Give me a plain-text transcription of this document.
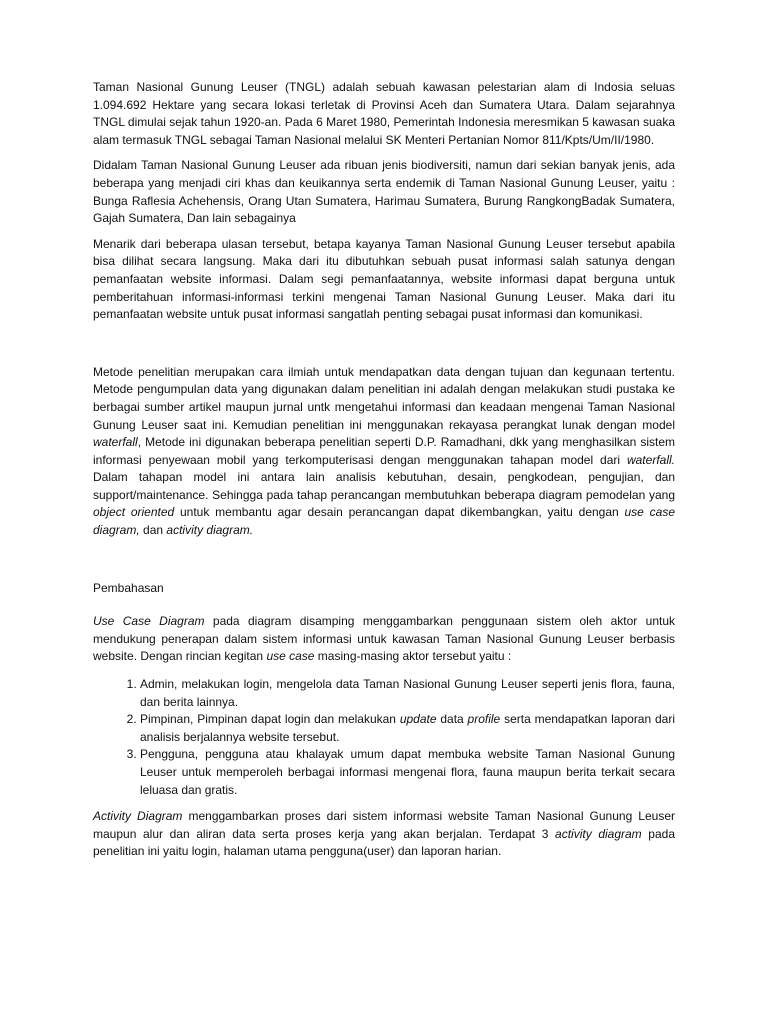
Taman Nasional Gunung Leuser (TNGL) adalah sebuah kawasan pelestarian alam di Indosia seluas 1.094.692 Hektare yang secara lokasi terletak di Provinsi Aceh dan Sumatera Utara. Dalam sejarahnya TNGL dimulai sejak tahun 1920-an. Pada 6 Maret 1980, Pemerintah Indonesia meresmikan 5 kawasan suaka alam termasuk TNGL sebagai Taman Nasional melalui SK Menteri Pertanian Nomor 811/Kpts/Um/II/1980.

Didalam Taman Nasional Gunung Leuser ada ribuan jenis biodiversiti, namun dari sekian banyak jenis, ada beberapa yang menjadi ciri khas dan keuikannya serta endemik di Taman Nasional Gunung Leuser, yaitu : Bunga Raflesia Achehensis, Orang Utan Sumatera, Harimau Sumatera, Burung RangkongBadak Sumatera, Gajah Sumatera, Dan lain sebagainya

Menarik dari beberapa ulasan tersebut, betapa kayanya Taman Nasional Gunung Leuser tersebut apabila bisa dilihat secara langsung. Maka dari itu dibutuhkan sebuah pusat informasi salah satunya dengan pemanfaatan website informasi. Dalam segi pemanfaatannya, website informasi dapat berguna untuk pemberitahuan informasi-informasi terkini mengenai Taman Nasional Gunung Leuser. Maka dari itu pemanfaatan website untuk pusat informasi sangatlah penting sebagai pusat informasi dan komunikasi.

Metode penelitian merupakan cara ilmiah untuk mendapatkan data dengan tujuan dan kegunaan tertentu. Metode pengumpulan data yang digunakan dalam penelitian ini adalah dengan melakukan studi pustaka ke berbagai sumber artikel maupun jurnal untk mengetahui informasi dan keadaan mengenai Taman Nasional Gunung Leuser saat ini. Kemudian penelitian ini menggunakan rekayasa perangkat lunak dengan model waterfall, Metode ini digunakan beberapa penelitian seperti D.P. Ramadhani, dkk yang menghasilkan sistem informasi penyewaan mobil yang terkomputerisasi dengan menggunakan tahapan model dari waterfall. Dalam tahapan model ini antara lain analisis kebutuhan, desain, pengkodean, pengujian, dan support/maintenance. Sehingga pada tahap perancangan membutuhkan beberapa diagram pemodelan yang object oriented untuk membantu agar desain perancangan dapat dikembangkan, yaitu dengan use case diagram, dan activity diagram.

Pembahasan

Use Case Diagram pada diagram disamping menggambarkan penggunaan sistem oleh aktor untuk mendukung penerapan dalam sistem informasi untuk kawasan Taman Nasional Gunung Leuser berbasis website. Dengan rincian kegitan use case masing-masing aktor tersebut yaitu :

1. Admin, melakukan login, mengelola data Taman Nasional Gunung Leuser seperti jenis flora, fauna, dan berita lainnya.
2. Pimpinan, Pimpinan dapat login dan melakukan update data profile serta mendapatkan laporan dari analisis berjalannya website tersebut.
3. Pengguna, pengguna atau khalayak umum dapat membuka website Taman Nasional Gunung Leuser untuk memperoleh berbagai informasi mengenai flora, fauna maupun berita terkait secara leluasa dan gratis.

Activity Diagram menggambarkan proses dari sistem informasi website Taman Nasional Gunung Leuser maupun alur dan aliran data serta proses kerja yang akan berjalan. Terdapat 3 activity diagram pada penelitian ini yaitu login, halaman utama pengguna(user) dan laporan harian.
